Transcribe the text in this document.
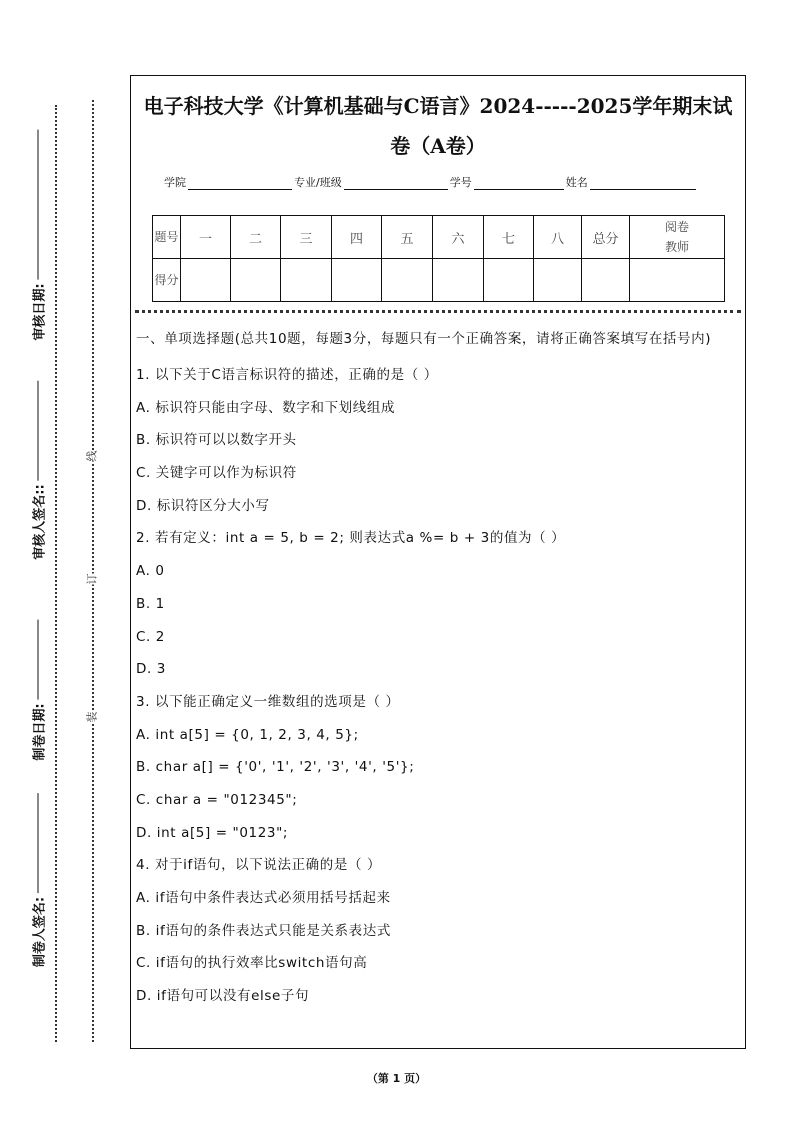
审核日期:
审核人签名::
制卷日期:
制卷人签名:
线
订
装
电子科技大学《计算机基础与C语言》2024-----2025学年期末试
卷（A卷）
学院	专业/班级	学号	姓名
题号	一	二	三	四	五	六	七	八	总分	阅卷教师
得分										
一、单项选择题(总共10题，每题3分，每题只有一个正确答案，请将正确答案填写在括号内)
1. 以下关于C语言标识符的描述，正确的是（ ）
A. 标识符只能由字母、数字和下划线组成
B. 标识符可以以数字开头
C. 关键字可以作为标识符
D. 标识符区分大小写
2. 若有定义：int a = 5, b = 2; 则表达式a %= b + 3的值为（ ）
A. 0
B. 1
C. 2
D. 3
3. 以下能正确定义一维数组的选项是（ ）
A. int a[5] = {0, 1, 2, 3, 4, 5};
B. char a[] = {'0', '1', '2', '3', '4', '5'};
C. char a = "012345";
D. int a[5] = "0123";
4. 对于if语句，以下说法正确的是（ ）
A. if语句中条件表达式必须用括号括起来
B. if语句的条件表达式只能是关系表达式
C. if语句的执行效率比switch语句高
D. if语句可以没有else子句
（第 1 页）
